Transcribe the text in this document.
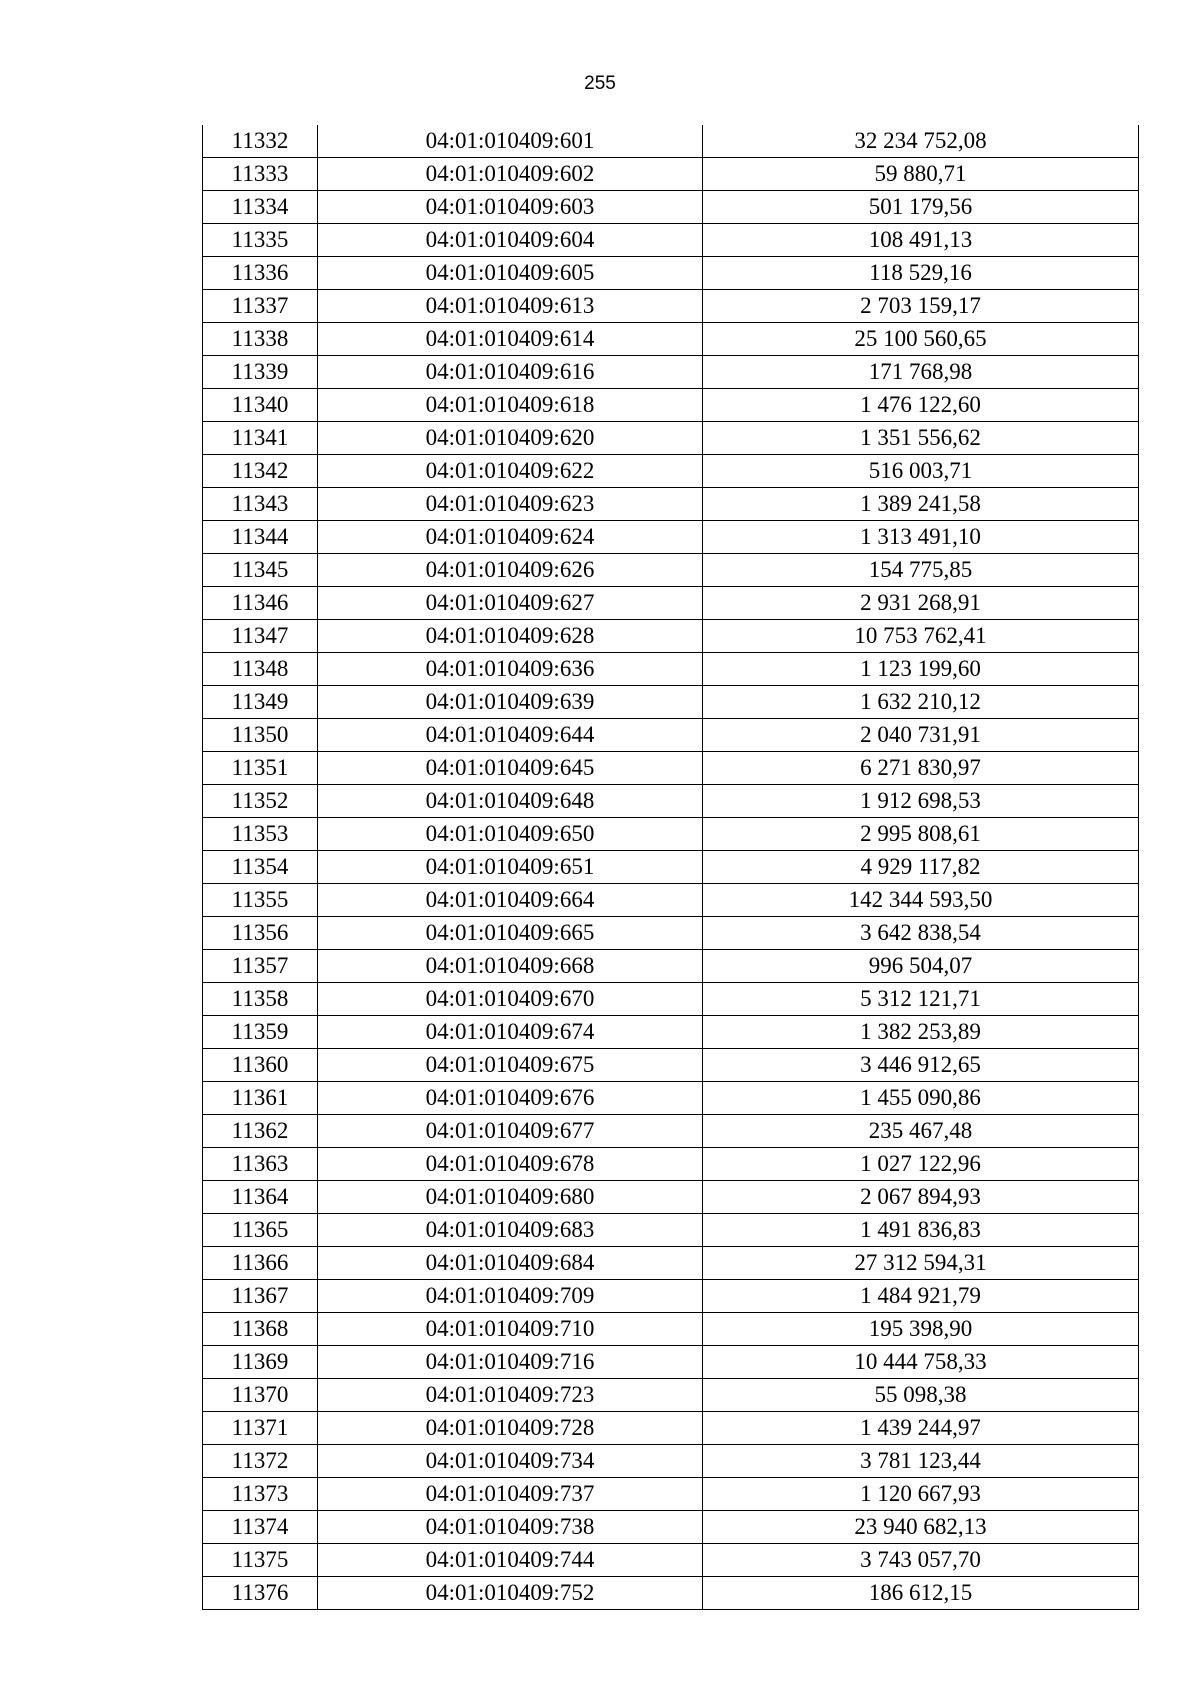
255
11332	04:01:010409:601	32 234 752,08
11333	04:01:010409:602	59 880,71
11334	04:01:010409:603	501 179,56
11335	04:01:010409:604	108 491,13
11336	04:01:010409:605	118 529,16
11337	04:01:010409:613	2 703 159,17
11338	04:01:010409:614	25 100 560,65
11339	04:01:010409:616	171 768,98
11340	04:01:010409:618	1 476 122,60
11341	04:01:010409:620	1 351 556,62
11342	04:01:010409:622	516 003,71
11343	04:01:010409:623	1 389 241,58
11344	04:01:010409:624	1 313 491,10
11345	04:01:010409:626	154 775,85
11346	04:01:010409:627	2 931 268,91
11347	04:01:010409:628	10 753 762,41
11348	04:01:010409:636	1 123 199,60
11349	04:01:010409:639	1 632 210,12
11350	04:01:010409:644	2 040 731,91
11351	04:01:010409:645	6 271 830,97
11352	04:01:010409:648	1 912 698,53
11353	04:01:010409:650	2 995 808,61
11354	04:01:010409:651	4 929 117,82
11355	04:01:010409:664	142 344 593,50
11356	04:01:010409:665	3 642 838,54
11357	04:01:010409:668	996 504,07
11358	04:01:010409:670	5 312 121,71
11359	04:01:010409:674	1 382 253,89
11360	04:01:010409:675	3 446 912,65
11361	04:01:010409:676	1 455 090,86
11362	04:01:010409:677	235 467,48
11363	04:01:010409:678	1 027 122,96
11364	04:01:010409:680	2 067 894,93
11365	04:01:010409:683	1 491 836,83
11366	04:01:010409:684	27 312 594,31
11367	04:01:010409:709	1 484 921,79
11368	04:01:010409:710	195 398,90
11369	04:01:010409:716	10 444 758,33
11370	04:01:010409:723	55 098,38
11371	04:01:010409:728	1 439 244,97
11372	04:01:010409:734	3 781 123,44
11373	04:01:010409:737	1 120 667,93
11374	04:01:010409:738	23 940 682,13
11375	04:01:010409:744	3 743 057,70
11376	04:01:010409:752	186 612,15
